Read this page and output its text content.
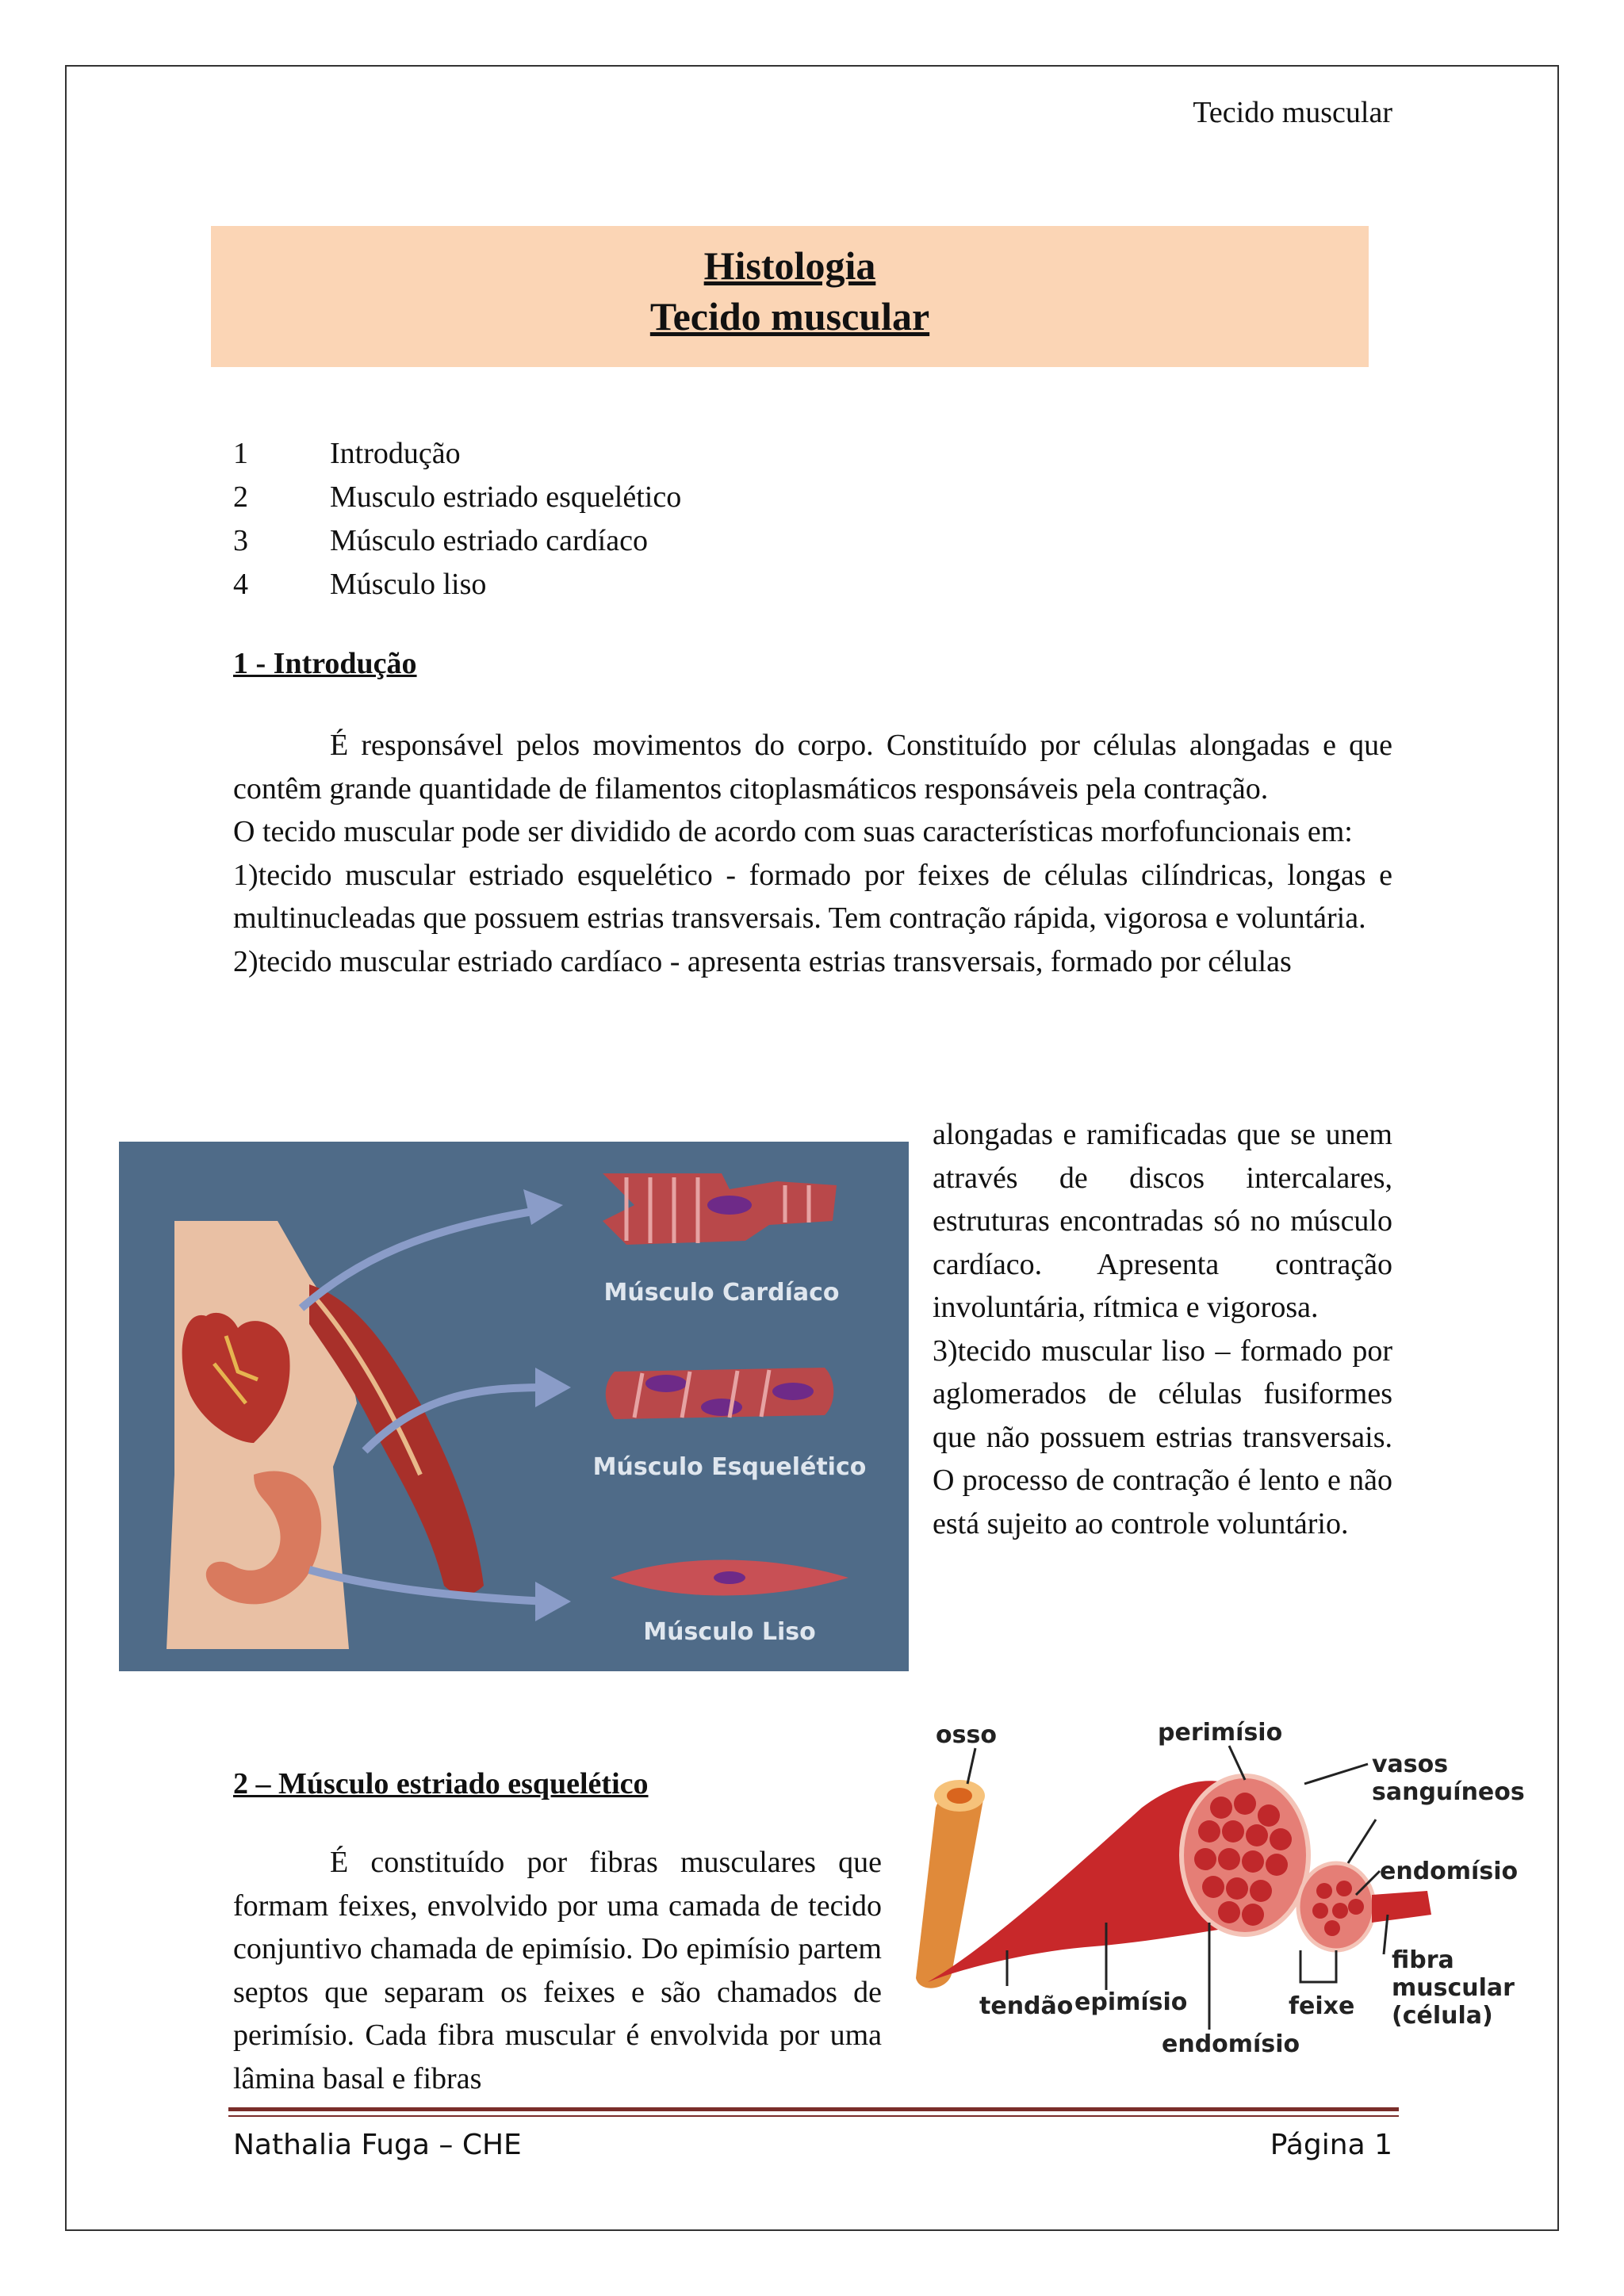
Tecido muscular
Histologia
Tecido muscular
1	Introdução
2	Musculo estriado esquelético
3	Músculo estriado cardíaco
4	Músculo liso
1 - Introdução
É responsável pelos movimentos do corpo. Constituído por células alongadas e que contêm grande quantidade de filamentos citoplasmáticos responsáveis pela contração.
O tecido muscular pode ser dividido de acordo com suas características morfofuncionais em:
1)tecido muscular estriado esquelético - formado por feixes de células cilíndricas, longas e multinucleadas que possuem estrias transversais. Tem contração rápida, vigorosa e voluntária.
2)tecido muscular estriado cardíaco - apresenta estrias transversais, formado por células
alongadas e ramificadas que se unem através de discos intercalares, estruturas encontradas só no músculo cardíaco. Apresenta contração involuntária, rítmica e vigorosa.
3)tecido muscular liso – formado por aglomerados de células fusiformes que não possuem estrias transversais. O processo de contração é lento e não está sujeito ao controle voluntário.
Músculo Cardíaco
Músculo Esquelético
Músculo Liso
2 – Músculo estriado esquelético
É constituído por fibras musculares que formam feixes, envolvido por uma camada de tecido conjuntivo chamada de epimísio. Do epimísio partem septos que separam os feixes e são chamados de perimísio. Cada fibra muscular é envolvida por uma lâmina basal e fibras
osso	perimísio
vasos
sanguíneos
endomísio
fibra
muscular
(célula)
tendão epimísio	feixe
endomísio
Nathalia Fuga – CHE	Página 1
